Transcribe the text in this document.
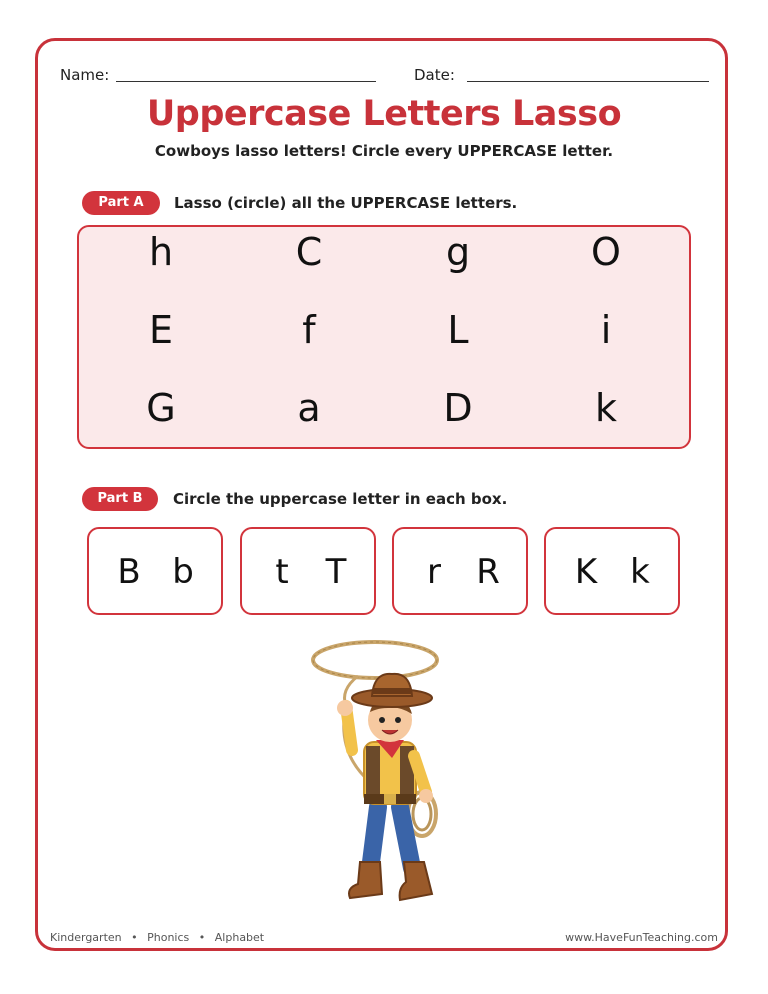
Name:	Date:
Uppercase Letters Lasso
Cowboys lasso letters! Circle every UPPERCASE letter.
Part A	Lasso (circle) all the UPPERCASE letters.
h	C	g	O
E	f	L	i
G	a	D	k
Part B	Circle the uppercase letter in each box.
B b	t	T	r	R K k
Kindergarten • Phonics • Alphabet	www.HaveFunTeaching.com
